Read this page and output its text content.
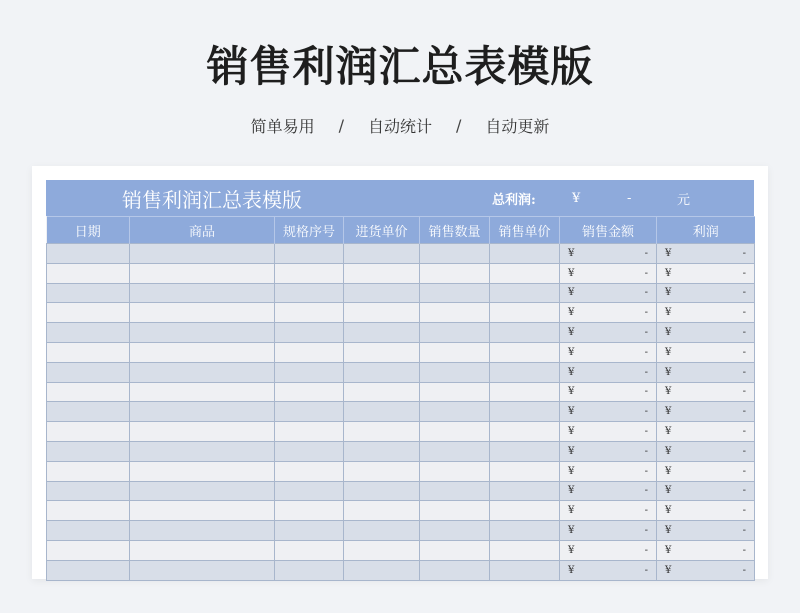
销售利润汇总表模版
简单易用 / 自动统计 / 自动更新
销售利润汇总表模版	总利润:	¥	-	元
日期	商品	规格序号	进货单价	销售数量	销售单价	销售金额	利润

						¥ -	¥ -

						¥ -	¥ -

						¥ -	¥ -

						¥ -	¥ -

						¥ -	¥ -

						¥ -	¥ -

						¥ -	¥ -

						¥ -	¥ -

						¥ -	¥ -

						¥ -	¥ -

						¥ -	¥ -

						¥ -	¥ -

						¥ -	¥ -

						¥ -	¥ -

						¥ -	¥ -

						¥ -	¥ -

						¥ -	¥ -
